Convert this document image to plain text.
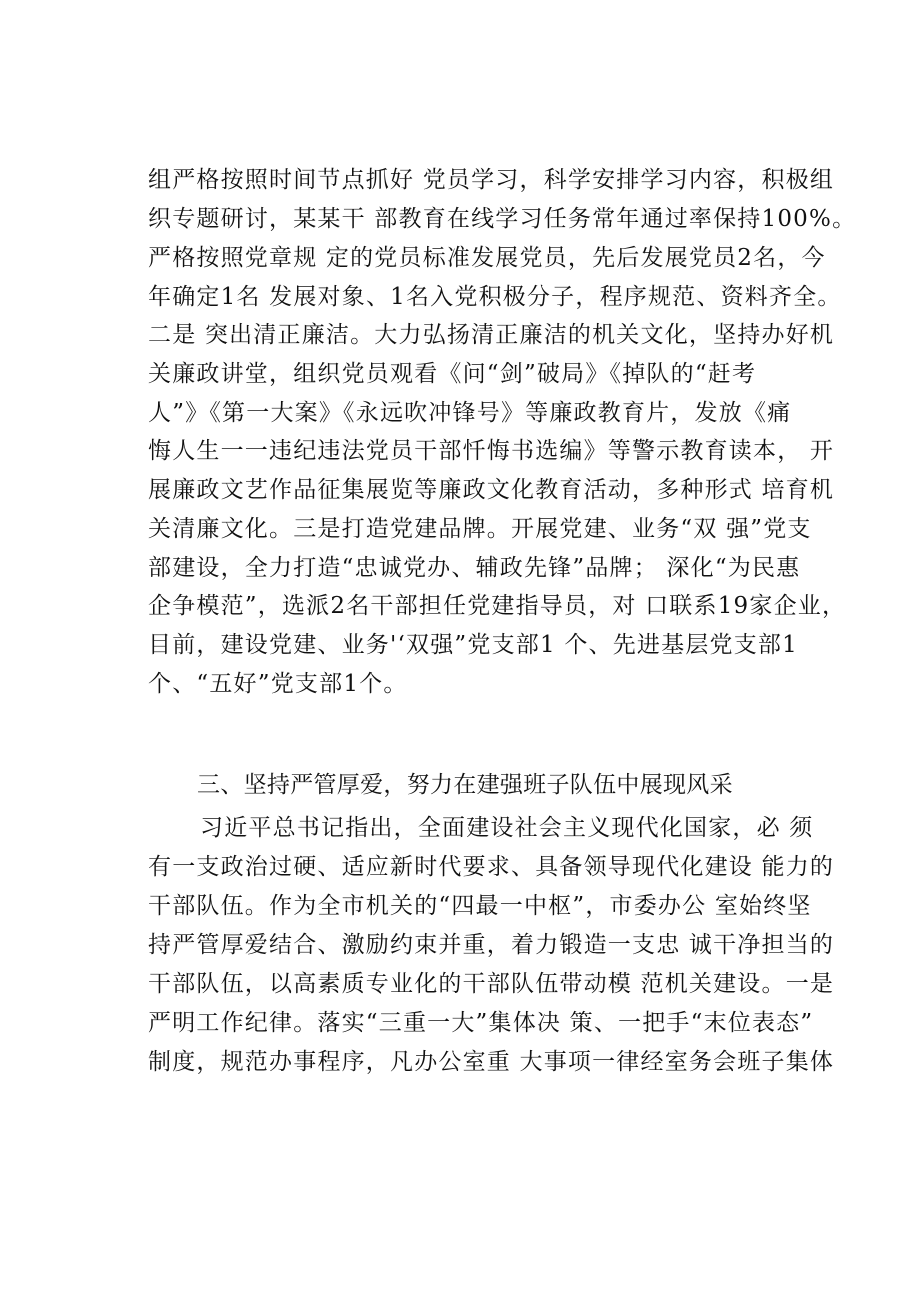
组严格按照时间节点抓好 党员学习，科学安排学习内容，积极组
织专题研讨，某某干 部教育在线学习任务常年通过率保持100%。
严格按照党章规 定的党员标准发展党员，先后发展党员2名，今
年确定1名 发展对象、1名入党积极分子，程序规范、资料齐全。
二是 突出清正廉洁。大力弘扬清正廉洁的机关文化，坚持办好机
关廉政讲堂，组织党员观看《问“剑”破局》《掉队的“赶考
人”》《第一大案》《永远吹冲锋号》等廉政教育片，发放《痛
悔人生一一违纪违法党员干部忏悔书选编》等警示教育读本， 开
展廉政文艺作品征集展览等廉政文化教育活动，多种形式 培育机
关清廉文化。三是打造党建品牌。开展党建、业务“双 强”党支
部建设，全力打造“忠诚党办、辅政先锋”品牌； 深化“为民惠
企争模范”，选派2名干部担任党建指导员，对 口联系19家企业，
目前，建设党建、业务'‘双强”党支部1 个、先进基层党支部1
个、“五好”党支部1个。
三、坚持严管厚爱，努力在建强班子队伍中展现风采
习近平总书记指出，全面建设社会主义现代化国家，必 须
有一支政治过硬、适应新时代要求、具备领导现代化建设 能力的
干部队伍。作为全市机关的“四最一中枢”，市委办公 室始终坚
持严管厚爱结合、激励约束并重，着力锻造一支忠 诚干净担当的
干部队伍，以高素质专业化的干部队伍带动模 范机关建设。一是
严明工作纪律。落实“三重一大”集体决 策、一把手“末位表态”
制度，规范办事程序，凡办公室重 大事项一律经室务会班子集体
